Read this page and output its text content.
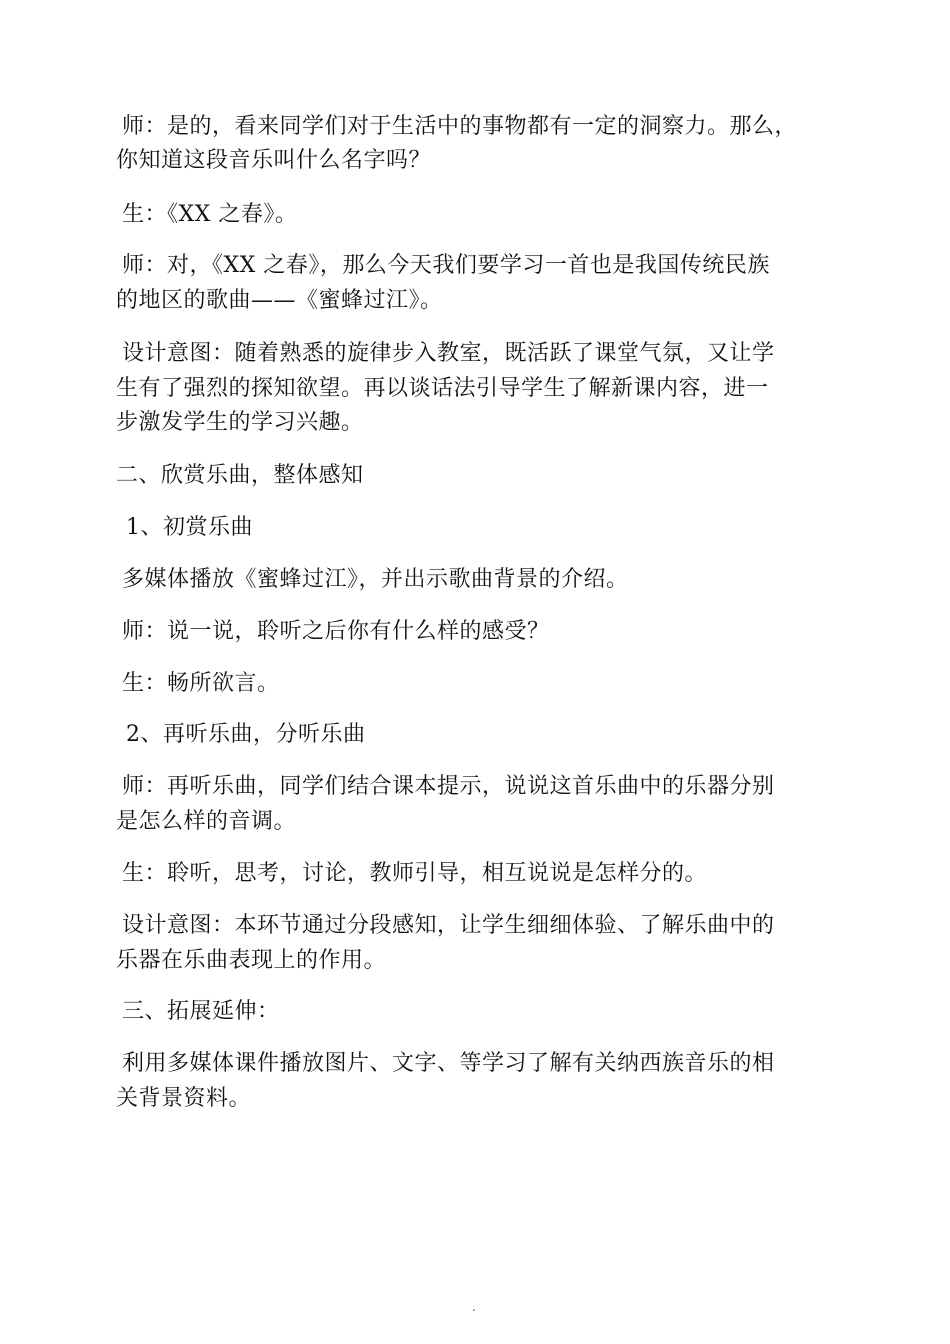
师：是的，看来同学们对于生活中的事物都有一定的洞察力。那么，
你知道这段音乐叫什么名字吗？
生：《XX 之春》。
师：对，《XX 之春》，那么今天我们要学习一首也是我国传统民族
的地区的歌曲——《蜜蜂过江》。
设计意图：随着熟悉的旋律步入教室，既活跃了课堂气氛，又让学
生有了强烈的探知欲望。再以谈话法引导学生了解新课内容，进一
步激发学生的学习兴趣。
二、欣赏乐曲，整体感知
1、初赏乐曲
多媒体播放《蜜蜂过江》，并出示歌曲背景的介绍。
师：说一说，聆听之后你有什么样的感受？
生：畅所欲言。
2、再听乐曲，分听乐曲
师：再听乐曲，同学们结合课本提示，说说这首乐曲中的乐器分别
是怎么样的音调。
生：聆听，思考，讨论，教师引导，相互说说是怎样分的。
设计意图：本环节通过分段感知，让学生细细体验、了解乐曲中的
乐器在乐曲表现上的作用。
三、拓展延伸：
利用多媒体课件播放图片、文字、等学习了解有关纳西族音乐的相
关背景资料。
.
